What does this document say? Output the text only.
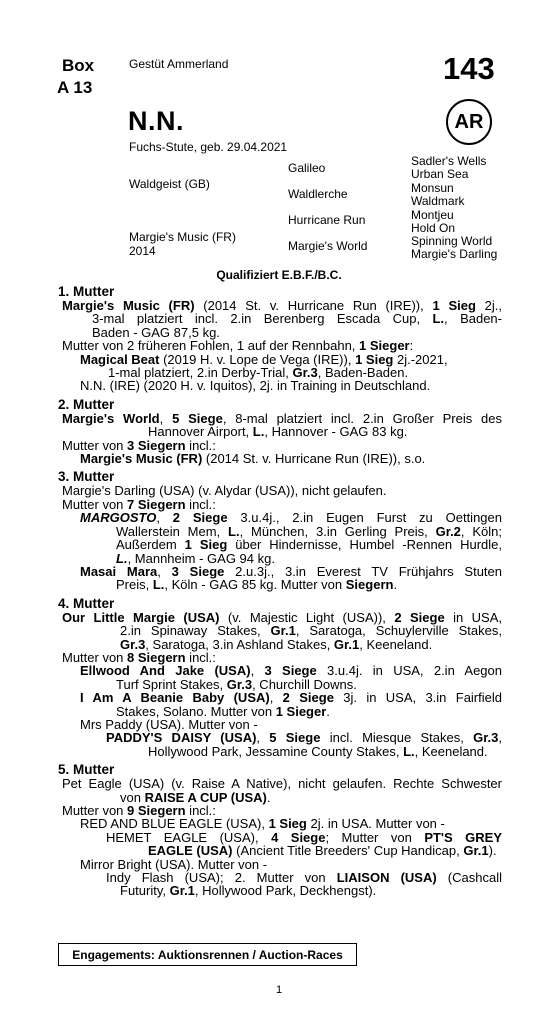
Box
A 13
Gestüt Ammerland	143
N.N.	AR
Fuchs-Stute, geb. 29.04.2021
Waldgeist (GB)
Margie's Music (FR)
2014
Galileo
Waldlerche
Hurricane Run
Margie's World
Sadler's Wells
Urban Sea
Monsun
Waldmark
Montjeu
Hold On
Spinning World
Margie's Darling
Qualifiziert E.B.F./B.C.
1. Mutter
Margie's Music (FR) (2014 St. v. Hurricane Run (IRE)), 1 Sieg 2j.,
3-mal platziert incl. 2.in Berenberg Escada Cup, L., Baden-
Baden - GAG 87,5 kg.
Mutter von 2 früheren Fohlen, 1 auf der Rennbahn, 1 Sieger:
Magical Beat (2019 H. v. Lope de Vega (IRE)), 1 Sieg 2j.-2021,
1-mal platziert, 2.in Derby-Trial, Gr.3, Baden-Baden.
N.N. (IRE) (2020 H. v. Iquitos), 2j. in Training in Deutschland.
2. Mutter
Margie's World, 5 Siege, 8-mal platziert incl. 2.in Großer Preis des
Hannover Airport, L., Hannover - GAG 83 kg.
Mutter von 3 Siegern incl.:
Margie's Music (FR) (2014 St. v. Hurricane Run (IRE)), s.o.
3. Mutter
Margie's Darling (USA) (v. Alydar (USA)), nicht gelaufen.
Mutter von 7 Siegern incl.:
MARGOSTO, 2 Siege 3.u.4j., 2.in Eugen Furst zu Oettingen
Wallerstein Mem, L., München, 3.in Gerling Preis, Gr.2, Köln;
Außerdem 1 Sieg über Hindernisse, Humbel -Rennen Hurdle,
L., Mannheim - GAG 94 kg.
Masai Mara, 3 Siege 2.u.3j., 3.in Everest TV Frühjahrs Stuten
Preis, L., Köln - GAG 85 kg. Mutter von Siegern.
4. Mutter
Our Little Margie (USA) (v. Majestic Light (USA)), 2 Siege in USA,
2.in Spinaway Stakes, Gr.1, Saratoga, Schuylerville Stakes,
Gr.3, Saratoga, 3.in Ashland Stakes, Gr.1, Keeneland.
Mutter von 8 Siegern incl.:
Ellwood And Jake (USA), 3 Siege 3.u.4j. in USA, 2.in Aegon
Turf Sprint Stakes, Gr.3, Churchill Downs.
I Am A Beanie Baby (USA), 2 Siege 3j. in USA, 3.in Fairfield
Stakes, Solano. Mutter von 1 Sieger.
Mrs Paddy (USA). Mutter von -
PADDY'S DAISY (USA), 5 Siege incl. Miesque Stakes, Gr.3,
Hollywood Park, Jessamine County Stakes, L., Keeneland.
5. Mutter
Pet Eagle (USA) (v. Raise A Native), nicht gelaufen. Rechte Schwester
von RAISE A CUP (USA).
Mutter von 9 Siegern incl.:
RED AND BLUE EAGLE (USA), 1 Sieg 2j. in USA. Mutter von -
HEMET EAGLE (USA), 4 Siege; Mutter von PT'S GREY
EAGLE (USA) (Ancient Title Breeders' Cup Handicap, Gr.1).
Mirror Bright (USA). Mutter von -
Indy Flash (USA); 2. Mutter von LIAISON (USA) (Cashcall
Futurity, Gr.1, Hollywood Park, Deckhengst).
Engagements: Auktionsrennen / Auction-Races
1
